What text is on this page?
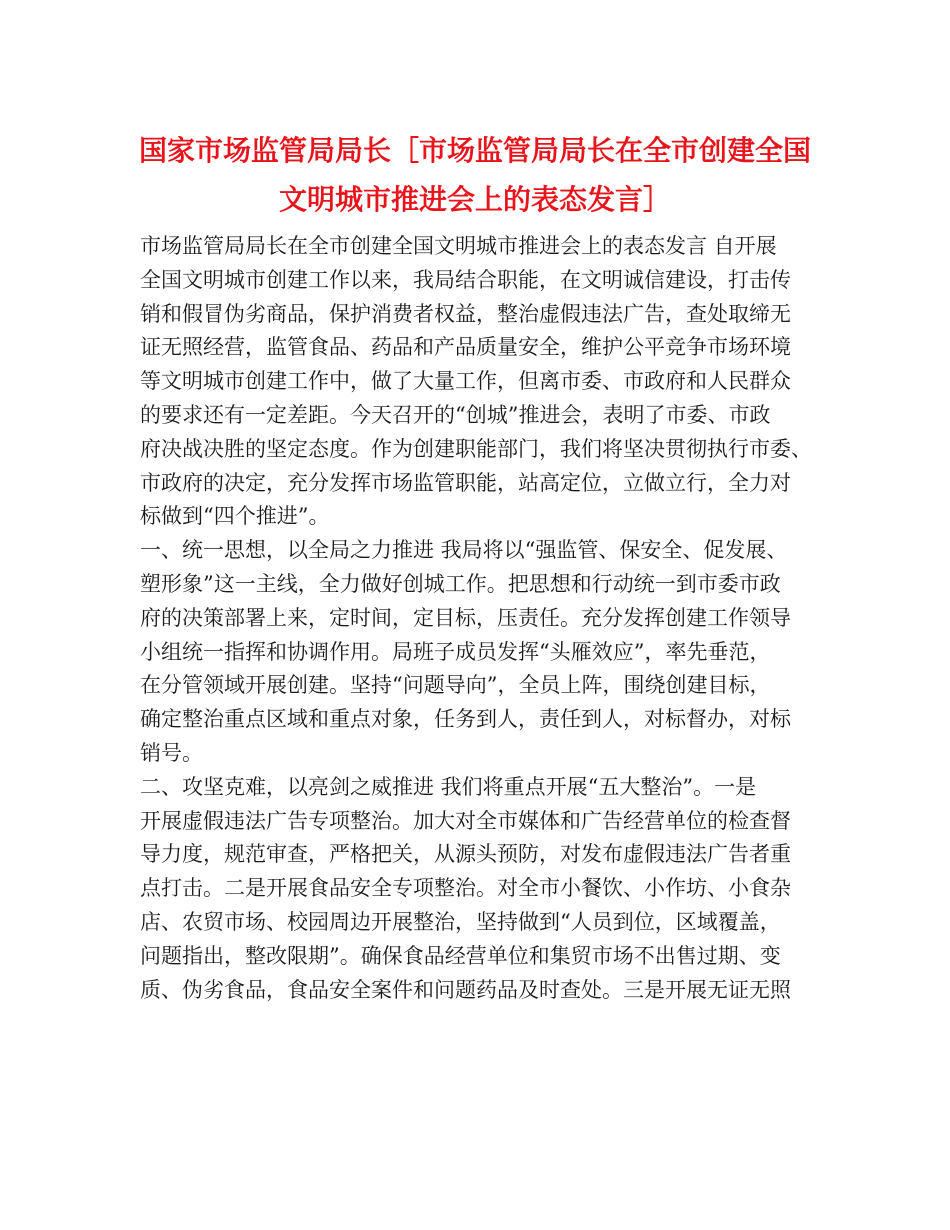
国家市场监管局局长［市场监管局局长在全市创建全国
文明城市推进会上的表态发言］
市场监管局局长在全市创建全国文明城市推进会上的表态发言 自开展
全国文明城市创建工作以来，我局结合职能，在文明诚信建设，打击传
销和假冒伪劣商品，保护消费者权益，整治虚假违法广告，查处取缔无
证无照经营，监管食品、药品和产品质量安全，维护公平竞争市场环境
等文明城市创建工作中，做了大量工作，但离市委、市政府和人民群众
的要求还有一定差距。今天召开的“创城”推进会，表明了市委、市政
府决战决胜的坚定态度。作为创建职能部门，我们将坚决贯彻执行市委、
市政府的决定，充分发挥市场监管职能，站高定位，立做立行，全力对
标做到“四个推进”。
一、统一思想，以全局之力推进 我局将以“强监管、保安全、促发展、
塑形象”这一主线，全力做好创城工作。把思想和行动统一到市委市政
府的决策部署上来，定时间，定目标，压责任。充分发挥创建工作领导
小组统一指挥和协调作用。局班子成员发挥“头雁效应”，率先垂范，
在分管领域开展创建。坚持“问题导向”，全员上阵，围绕创建目标，
确定整治重点区域和重点对象，任务到人，责任到人，对标督办，对标
销号。
二、攻坚克难，以亮剑之威推进 我们将重点开展“五大整治”。一是
开展虚假违法广告专项整治。加大对全市媒体和广告经营单位的检查督
导力度，规范审查，严格把关，从源头预防，对发布虚假违法广告者重
点打击。二是开展食品安全专项整治。对全市小餐饮、小作坊、小食杂
店、农贸市场、校园周边开展整治，坚持做到“人员到位，区域覆盖，
问题指出，整改限期”。确保食品经营单位和集贸市场不出售过期、变
质、伪劣食品，食品安全案件和问题药品及时查处。三是开展无证无照
